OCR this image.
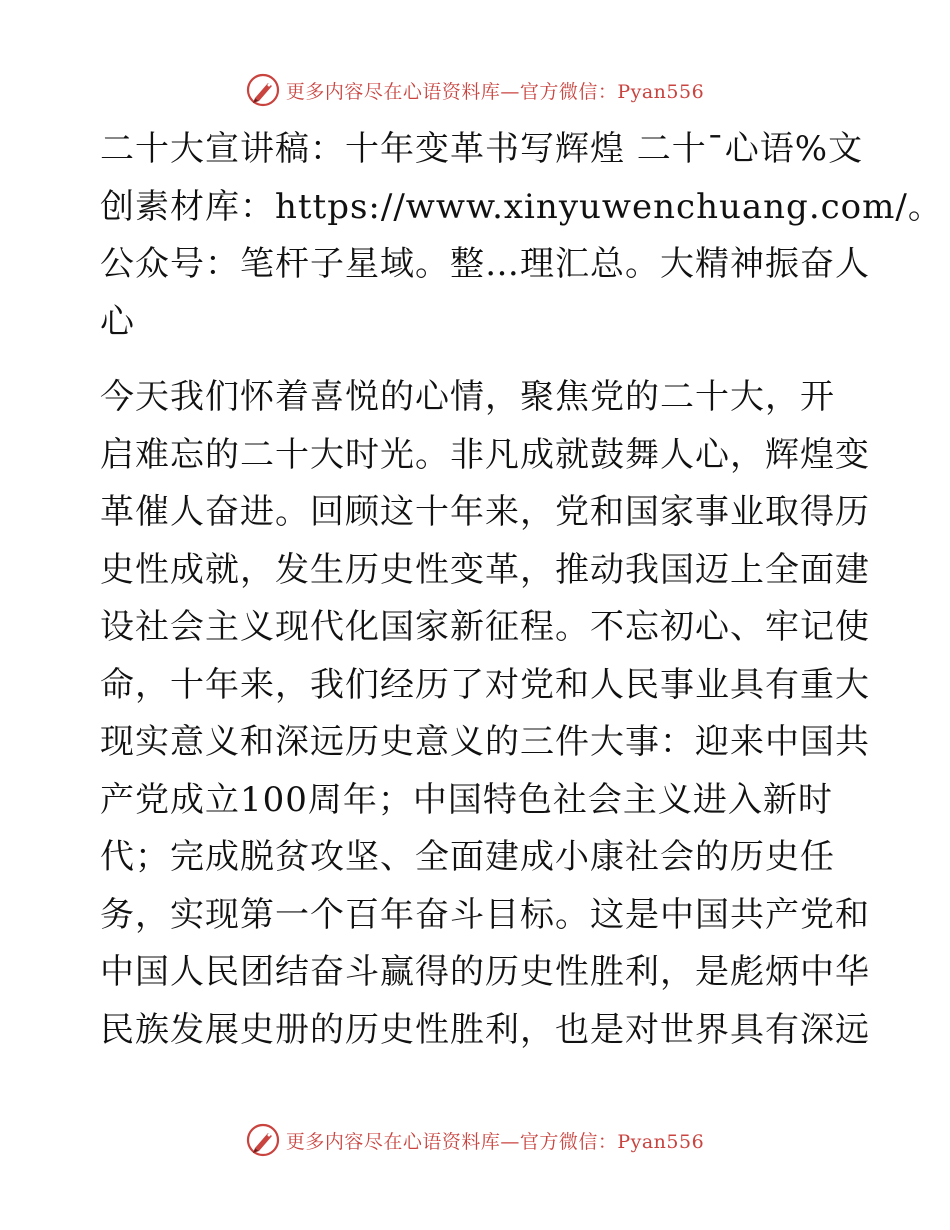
更多内容尽在心语资料库—官方微信：Pyan556
二十大宣讲稿：十年变革书写辉煌 二十¯心语%文
创素材库：https://www.xinyuwenchuang.com/。
公众号：笔杆子星域。整…理汇总。大精神振奋人
心
今天我们怀着喜悦的心情，聚焦党的二十大，开
启难忘的二十大时光。非凡成就鼓舞人心，辉煌变
革催人奋进。回顾这十年来，党和国家事业取得历
史性成就，发生历史性变革，推动我国迈上全面建
设社会主义现代化国家新征程。不忘初心、牢记使
命，十年来，我们经历了对党和人民事业具有重大
现实意义和深远历史意义的三件大事：迎来中国共
产党成立100周年；中国特色社会主义进入新时
代；完成脱贫攻坚、全面建成小康社会的历史任
务，实现第一个百年奋斗目标。这是中国共产党和
中国人民团结奋斗赢得的历史性胜利，是彪炳中华
民族发展史册的历史性胜利，也是对世界具有深远
更多内容尽在心语资料库—官方微信：Pyan556
